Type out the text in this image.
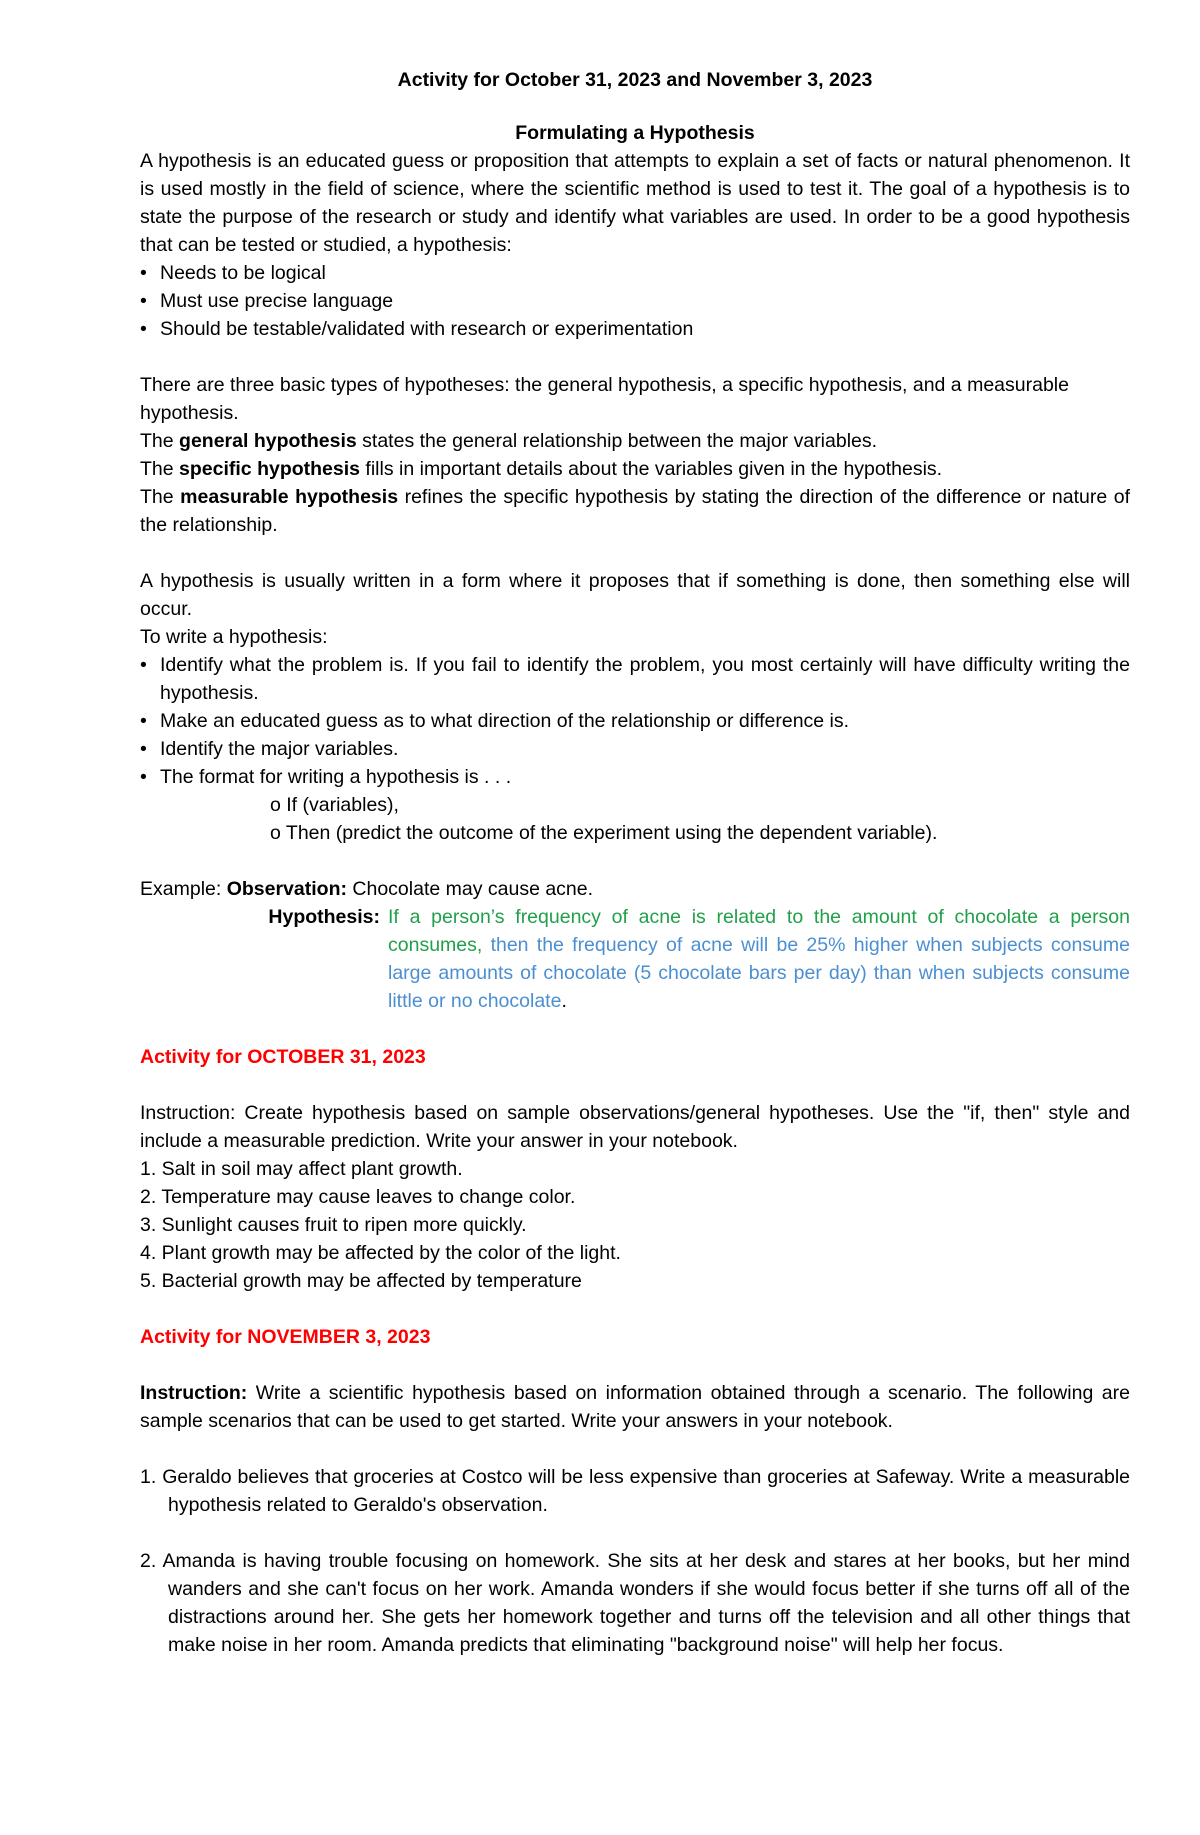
Activity for October 31, 2023 and November 3, 2023

Formulating a Hypothesis

A hypothesis is an educated guess or proposition that attempts to explain a set of facts or natural phenomenon. It is used mostly in the field of science, where the scientific method is used to test it. The goal of a hypothesis is to state the purpose of the research or study and identify what variables are used. In order to be a good hypothesis that can be tested or studied, a hypothesis:

• Needs to be logical
• Must use precise language
• Should be testable/validated with research or experimentation

There are three basic types of hypotheses: the general hypothesis, a specific hypothesis, and a measurable hypothesis.

The general hypothesis states the general relationship between the major variables.

The specific hypothesis fills in important details about the variables given in the hypothesis.

The measurable hypothesis refines the specific hypothesis by stating the direction of the difference or nature of the relationship.

A hypothesis is usually written in a form where it proposes that if something is done, then something else will occur.

To write a hypothesis:

• Identify what the problem is. If you fail to identify the problem, you most certainly will have difficulty writing the hypothesis.
• Make an educated guess as to what direction of the relationship or difference is.
• Identify the major variables.
• The format for writing a hypothesis is . . .

o If (variables),

o Then (predict the outcome of the experiment using the dependent variable).

Example: Observation: Chocolate may cause acne.

Hypothesis: If a person’s frequency of acne is related to the amount of chocolate a person consumes, then the frequency of acne will be 25% higher when subjects consume large amounts of chocolate (5 chocolate bars per day) than when subjects consume little or no chocolate.

Activity for OCTOBER 31, 2023

Instruction: Create hypothesis based on sample observations/general hypotheses. Use the "if, then" style and include a measurable prediction. Write your answer in your notebook.

1. Salt in soil may affect plant growth.

2. Temperature may cause leaves to change color.

3. Sunlight causes fruit to ripen more quickly.

4. Plant growth may be affected by the color of the light.

5. Bacterial growth may be affected by temperature

Activity for NOVEMBER 3, 2023

Instruction: Write a scientific hypothesis based on information obtained through a scenario. The following are sample scenarios that can be used to get started. Write your answers in your notebook.

1. Geraldo believes that groceries at Costco will be less expensive than groceries at Safeway. Write a measurable hypothesis related to Geraldo's observation.

2. Amanda is having trouble focusing on homework. She sits at her desk and stares at her books, but her mind wanders and she can't focus on her work. Amanda wonders if she would focus better if she turns off all of the distractions around her. She gets her homework together and turns off the television and all other things that make noise in her room. Amanda predicts that eliminating "background noise" will help her focus.
